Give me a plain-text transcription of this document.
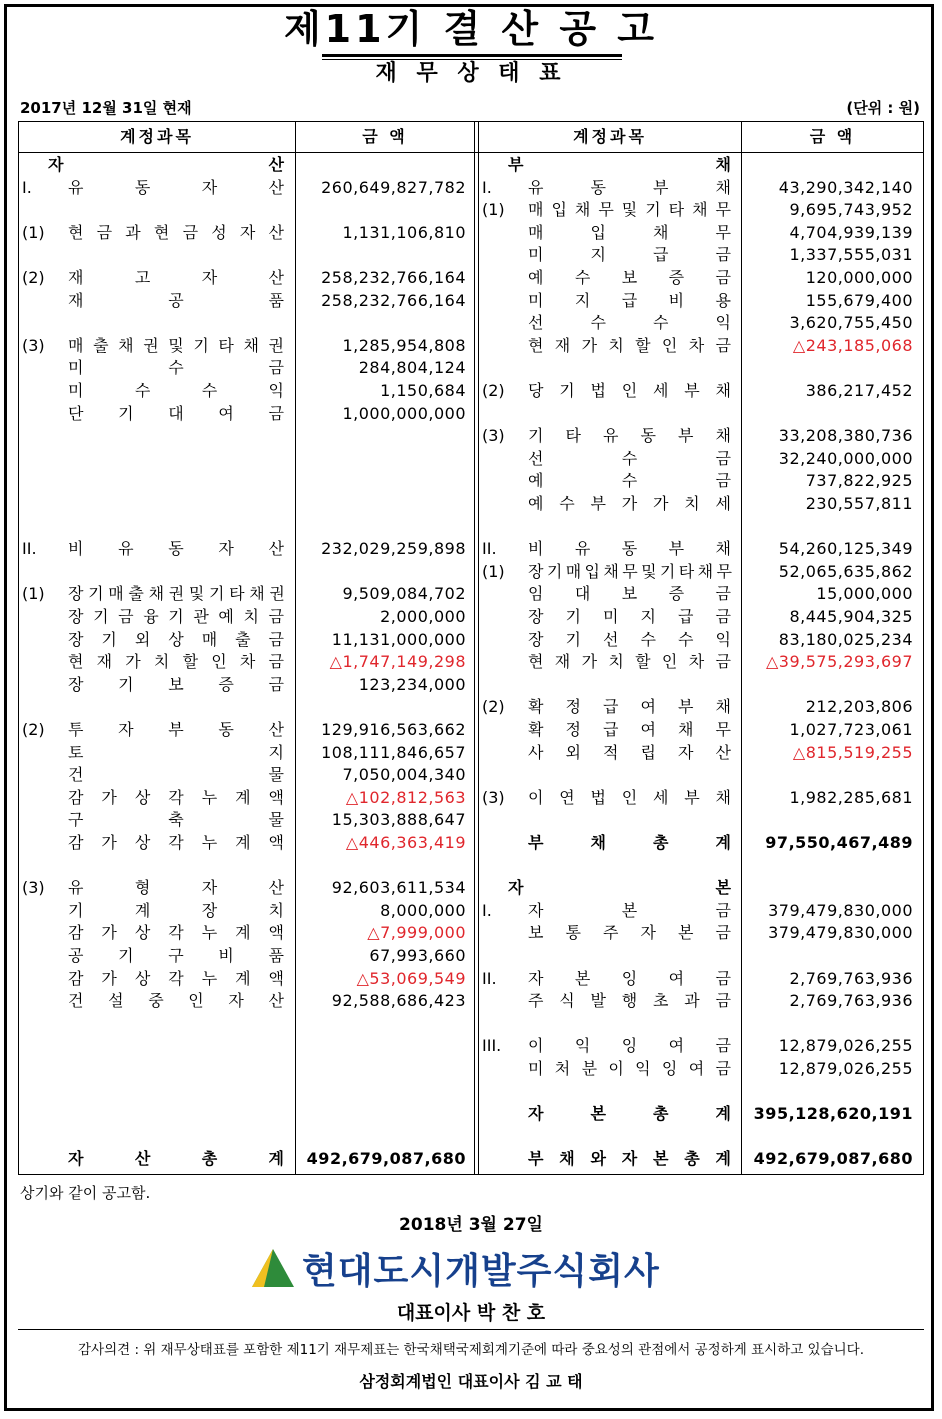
제11기 결 산 공 고
재 무 상 태 표
2017년 12월 31일 현재	(단위 : 원)
계정과목	금 액	계정과목	금 액
자	산
I. 유	동	자	산	260,649,827,782
(1) 현 금 과 현 금 성 자 산	1,131,106,810
(2) 재	고	자	산	258,232,766,164
재	공	품	258,232,766,164
(3) 매 출 채 권 및 기 타 채 권	1,285,954,808
미	수	금	284,804,124
미	수	수	익	1,150,684
단 기 대 여 금	1,000,000,000
II. 비 유 동 자 산	232,029,259,898
(1) 장 기 매 출 채 권 및 기 타 채 권	9,509,084,702
장 기 금 융 기 관 예 치 금	2,000,000
장 기 외 상 매 출 금	11,131,000,000
현 재 가 치 할 인 차 금	△1,747,149,298
장 기 보 증 금	123,234,000
(2) 투 자 부 동 산	129,916,563,662
토	지	108,111,846,657
건	물	7,050,004,340
감 가 상 각 누 계 액	△102,812,563
구	축	물	15,303,888,647
감 가 상 각 누 계 액	△446,363,419
(3) 유	형	자	산	92,603,611,534
기	계	장	치	8,000,000
감 가 상 각 누 계 액	△7,999,000
공 기 구 비 품	67,993,660
감 가 상 각 누 계 액	△53,069,549
건 설 중 인 자 산	92,588,686,423
자	산	총	계	492,679,087,680
부	채
I. 유	동	부	채	43,290,342,140
(1) 매 입 채 무 및 기 타 채 무	9,695,743,952
매	입	채	무	4,704,939,139
미	지	급	금	1,337,555,031
예 수 보 증 금	120,000,000
미 지 급 비 용	155,679,400
선	수	수	익	3,620,755,450
현 재 가 치 할 인 차 금	△243,185,068
(2) 당 기 법 인 세 부 채	386,217,452
(3) 기 타 유 동 부 채	33,208,380,736
선	수	금	32,240,000,000
예	수	금	737,822,925
예 수 부 가 가 치 세	230,557,811
II. 비 유 동 부 채	54,260,125,349
(1) 장 기 매 입 채 무 및 기 타 채 무	52,065,635,862
임 대 보 증 금	15,000,000
장 기 미 지 급 금	8,445,904,325
장 기 선 수 수 익	83,180,025,234
현 재 가 치 할 인 차 금	△39,575,293,697
(2) 확 정 급 여 부 채	212,203,806
확 정 급 여 채 무	1,027,723,061
사 외 적 립 자 산	△815,519,255
(3) 이 연 법 인 세 부 채	1,982,285,681
부	채	총	계	97,550,467,489
자	본
I. 자	본	금	379,479,830,000
보 통 주 자 본 금	379,479,830,000
II. 자 본 잉 여 금	2,769,763,936
주 식 발 행 초 과 금	2,769,763,936
III. 이 익 잉 여 금	12,879,026,255
미 처 분 이 익 잉 여 금	12,879,026,255
자	본	총	계	395,128,620,191
부 채 와 자 본 총 계	492,679,087,680
상기와 같이 공고함.
2018년 3월 27일
현대도시개발주식회사
대표이사 박 찬 호
감사의견 : 위 재무상태표를 포함한 제11기 재무제표는 한국채택국제회계기준에 따라 중요성의 관점에서 공정하게 표시하고 있습니다.
삼정회계법인 대표이사 김 교 태
